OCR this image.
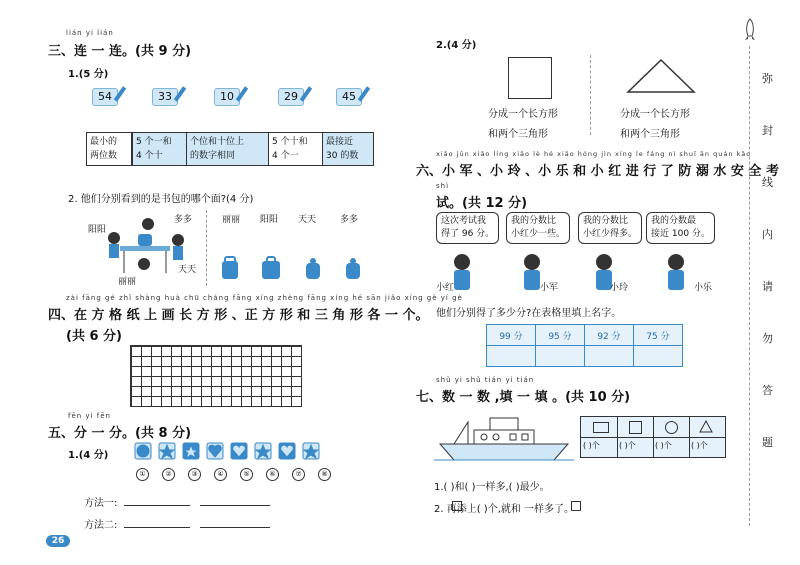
lián yi lián
三、连 一 连。(共 9 分)
1.(5 分)
54	33	10	29	45
最小的
两位数
5 个一和
4 个十
个位和十位上
的数字相同
5 个十和
4 个一
最接近
30 的数
2. 他们分别看到的是书包的哪个面?(4 分)
阳阳
多多
丽丽
天天
丽丽 阳阳 天天	多多
zài fāng gé zhǐ shàng huà chū cháng fāng xíng zhèng fāng xíng hé sān jiǎo xíng gè yí gè
四、在 方 格 纸 上 画 长 方 形 、正 方 形 和 三 角 形 各 一 个。
(共 6 分)
fēn yi fēn
五、分 一 分。(共 8 分)
1.(4 分)
①	②	③	④	⑤	⑥	⑦	⑧
方法一:
方法二:
26
2.(4 分)
分成一个长方形
和两个三角形
分成一个长方形
和两个三角形
xiǎo jūn xiǎo líng xiǎo lè hé xiǎo hóng jìn xíng le fáng nì shuǐ ān quán kǎo
六、小 军 、小 玲 、小 乐 和 小 红 进 行 了 防 溺 水 安 全 考
shì
试。(共 12 分)
这次考试我
得了 96 分。
我的分数比
小红少一些。
我的分数比
小红少得多。
我的分数最
接近 100 分。
小红	小军	小玲	小乐
他们分别得了多少分?在表格里填上名字。
99 分	95 分	92 分	75 分

shǔ yi shǔ tián yi tián
七、数 一 数 ,填 一 填 。(共 10 分)
( )个 ( )个 ( )个 ( )个
1.( )和( )一样多,( )最少。
2. 再添上( )个,就和 一样多了。
弥
封
线
内
请
勿
答
题
